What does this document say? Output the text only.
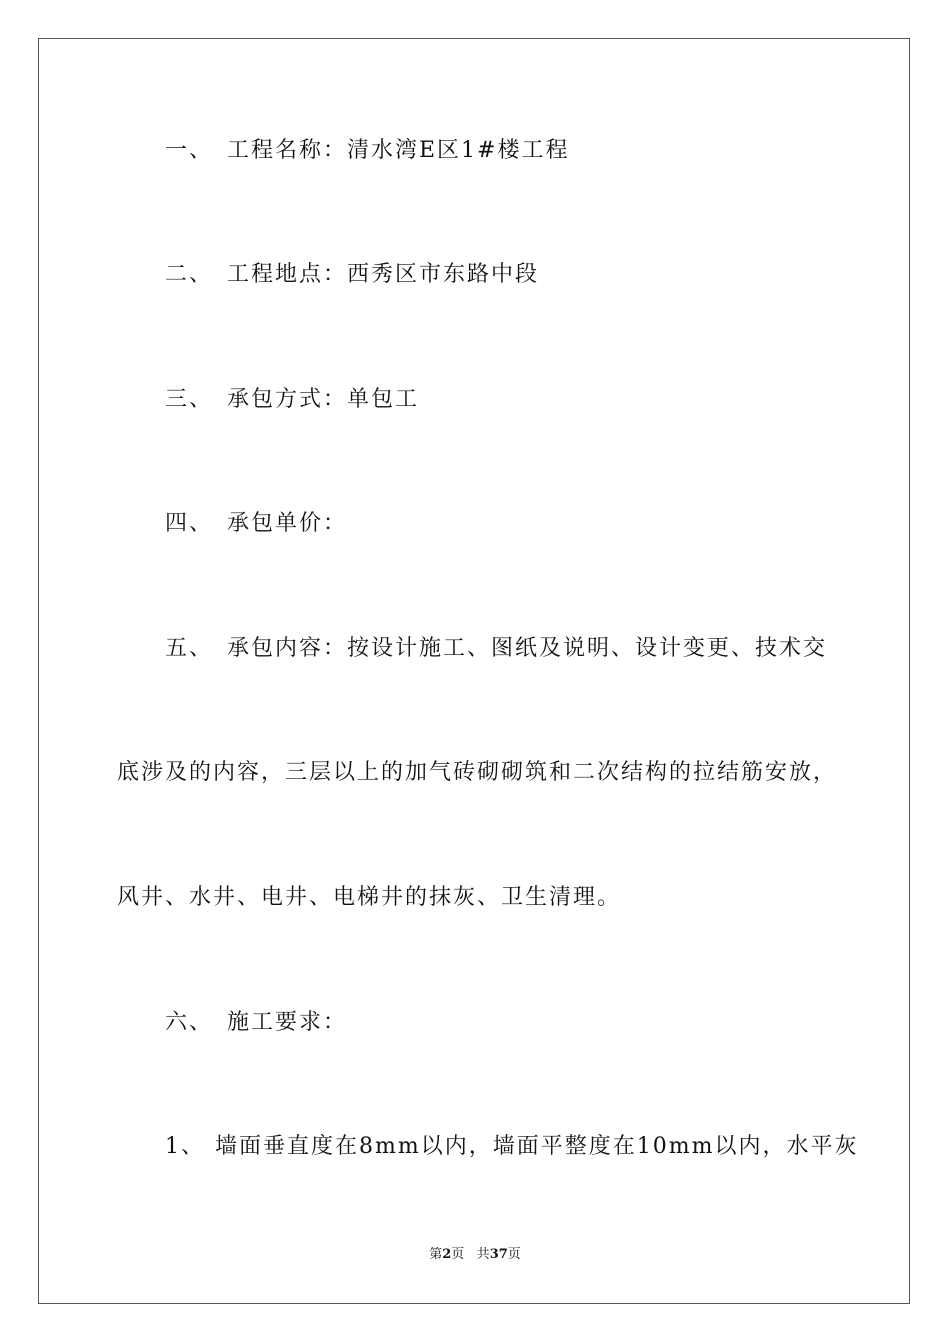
一、 工程名称：清水湾E区1#楼工程
二、 工程地点：西秀区市东路中段
三、 承包方式：单包工
四、 承包单价：
五、 承包内容：按设计施工、图纸及说明、设计变更、技术交
底涉及的内容，三层以上的加气砖砌砌筑和二次结构的拉结筋安放，
风井、水井、电井、电梯井的抹灰、卫生清理。
六、 施工要求：
1、 墙面垂直度在8mm以内，墙面平整度在10mm以内，水平灰
第2页 共37页
